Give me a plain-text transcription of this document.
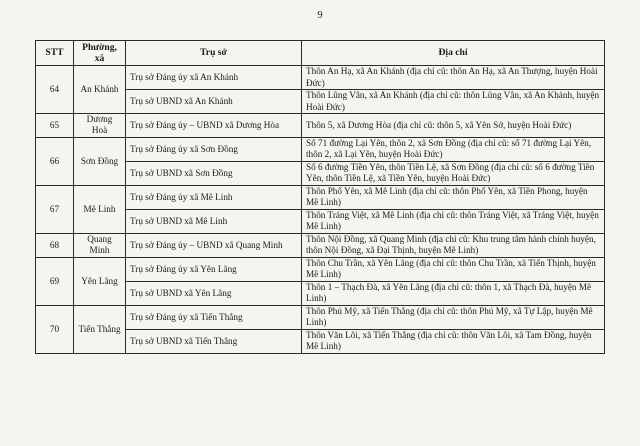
9
STT	Phường, xã	Trụ sở	Địa chỉ
64	An Khánh	Trụ sở Đảng ủy xã An Khánh	Thôn An Hạ, xã An Khánh (địa chỉ cũ: thôn An Hạ, xã An Thượng, huyện Hoài Đức)
		Trụ sở UBND xã An Khánh	Thôn Lũng Vân, xã An Khánh (địa chỉ cũ: thôn Lũng Vân, xã An Khánh, huyện Hoài Đức)
65	Dương Hoà	Trụ sở Đảng ủy – UBND xã Dương Hòa	Thôn 5, xã Dương Hòa (địa chỉ cũ: thôn 5, xã Yên Sở, huyện Hoài Đức)
66	Sơn Đồng	Trụ sở Đảng ủy xã Sơn Đồng	Số 71 đường Lại Yên, thôn 2, xã Sơn Đồng (địa chỉ cũ: số 71 đường Lại Yên, thôn 2, xã Lại Yên, huyện Hoài Đức)
		Trụ sở UBND xã Sơn Đồng	Số 6 đường Tiền Yên, thôn Tiền Lệ, xã Sơn Đồng (địa chỉ cũ: số 6 đường Tiền Yên, thôn Tiền Lệ, xã Tiền Yên, huyện Hoài Đức)
67	Mê Linh	Trụ sở Đảng ủy xã Mê Linh	Thôn Phố Yên, xã Mê Linh (địa chỉ cũ: thôn Phố Yên, xã Tiền Phong, huyện Mê Linh)
		Trụ sở UBND xã Mê Linh	Thôn Tráng Việt, xã Mê Linh (địa chỉ cũ: thôn Tráng Việt, xã Tráng Việt, huyện Mê Linh)
68	Quang Minh	Trụ sở Đảng ủy – UBND xã Quang Minh	Thôn Nội Đồng, xã Quang Minh (địa chỉ cũ: Khu trung tâm hành chính huyện, thôn Nội Đồng, xã Đại Thịnh, huyện Mê Linh)
69	Yên Lãng	Trụ sở Đảng ủy xã Yên Lãng	Thôn Chu Trần, xã Yên Lãng (địa chỉ cũ: thôn Chu Trần, xã Tiến Thịnh, huyện Mê Linh)
		Trụ sở UBND xã Yên Lãng	Thôn 1 – Thạch Đà, xã Yên Lãng (địa chỉ cũ: thôn 1, xã Thạch Đà, huyện Mê Linh)
70	Tiến Thắng	Trụ sở Đảng ủy xã Tiến Thắng	Thôn Phú Mỹ, xã Tiến Thắng (địa chỉ cũ: thôn Phú Mỹ, xã Tự Lập, huyện Mê Linh)
		Trụ sở UBND xã Tiến Thắng	Thôn Văn Lôi, xã Tiến Thắng (địa chỉ cũ: thôn Văn Lôi, xã Tam Đồng, huyện Mê Linh)
